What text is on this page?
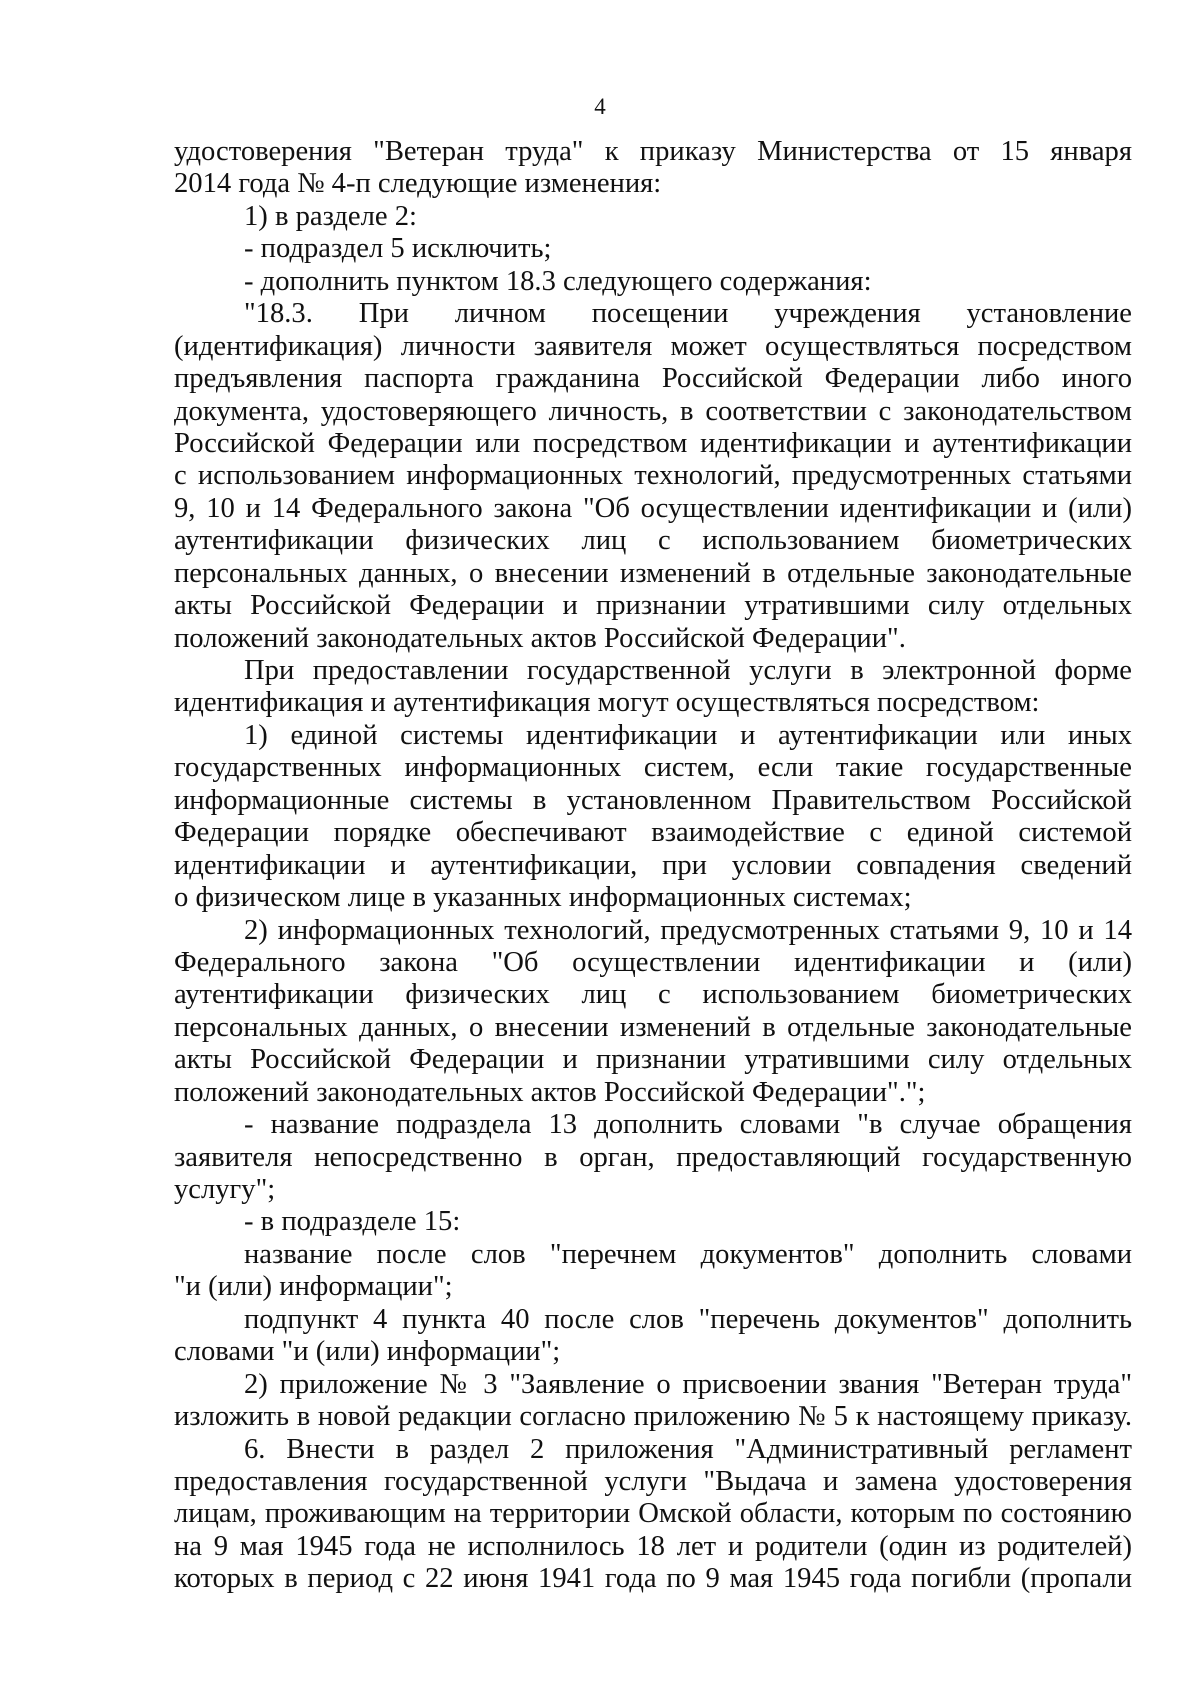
4
удостоверения "Ветеран труда" к приказу Министерства от 15 января
2014 года № 4-п следующие изменения:
1) в разделе 2:
- подраздел 5 исключить;
- дополнить пунктом 18.3 следующего содержания:
"18.3. При личном посещении учреждения установление
(идентификация) личности заявителя может осуществляться посредством
предъявления паспорта гражданина Российской Федерации либо иного
документа, удостоверяющего личность, в соответствии с законодательством
Российской Федерации или посредством идентификации и аутентификации
с использованием информационных технологий, предусмотренных статьями
9, 10 и 14 Федерального закона "Об осуществлении идентификации и (или)
аутентификации физических лиц с использованием биометрических
персональных данных, о внесении изменений в отдельные законодательные
акты Российской Федерации и признании утратившими силу отдельных
положений законодательных актов Российской Федерации".
При предоставлении государственной услуги в электронной форме
идентификация и аутентификация могут осуществляться посредством:
1) единой системы идентификации и аутентификации или иных
государственных информационных систем, если такие государственные
информационные системы в установленном Правительством Российской
Федерации порядке обеспечивают взаимодействие с единой системой
идентификации и аутентификации, при условии совпадения сведений
о физическом лице в указанных информационных системах;
2) информационных технологий, предусмотренных статьями 9, 10 и 14
Федерального закона "Об осуществлении идентификации и (или)
аутентификации физических лиц с использованием биометрических
персональных данных, о внесении изменений в отдельные законодательные
акты Российской Федерации и признании утратившими силу отдельных
положений законодательных актов Российской Федерации".";
- название подраздела 13 дополнить словами "в случае обращения
заявителя непосредственно в орган, предоставляющий государственную
услугу";
- в подразделе 15:
название после слов "перечнем документов" дополнить словами
"и (или) информации";
подпункт 4 пункта 40 после слов "перечень документов" дополнить
словами "и (или) информации";
2) приложение № 3 "Заявление о присвоении звания "Ветеран труда"
изложить в новой редакции согласно приложению № 5 к настоящему приказу.
6. Внести в раздел 2 приложения "Административный регламент
предоставления государственной услуги "Выдача и замена удостоверения
лицам, проживающим на территории Омской области, которым по состоянию
на 9 мая 1945 года не исполнилось 18 лет и родители (один из родителей)
которых в период с 22 июня 1941 года по 9 мая 1945 года погибли (пропали
